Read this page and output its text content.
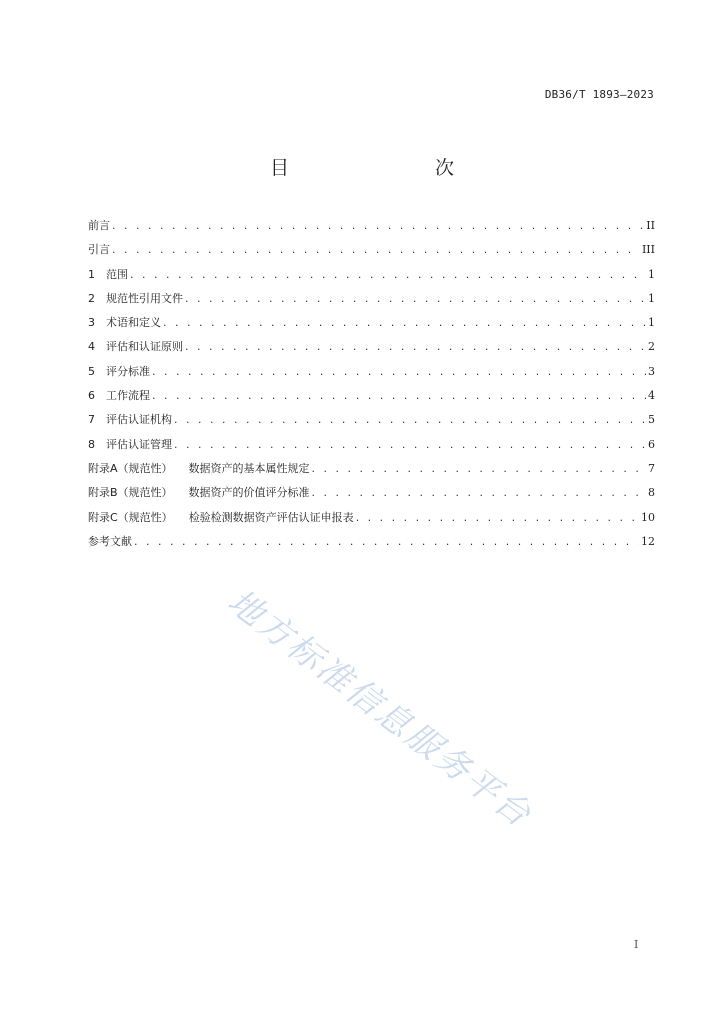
DB36/T 1893—2023
目　　次
前言 . . .	II
引言 . . .	III
1	范围 . . .	1
2	规范性引用文件 . . .	1
3	术语和定义 . . .	1
4	评估和认证原则 . . .	2
5	评分标准 . . .	3
6	工作流程 . . .	4
7	评估认证机构 . . .	5
8	评估认证管理 . . .	6
附录A（规范性） 数据资产的基本属性规定 . . .	7
附录B（规范性） 数据资产的价值评分标准 . . .	8
附录C（规范性） 检验检测数据资产评估认证申报表 . . .	10
参考文献 . . .	12
地方标准信息服务平台
I
